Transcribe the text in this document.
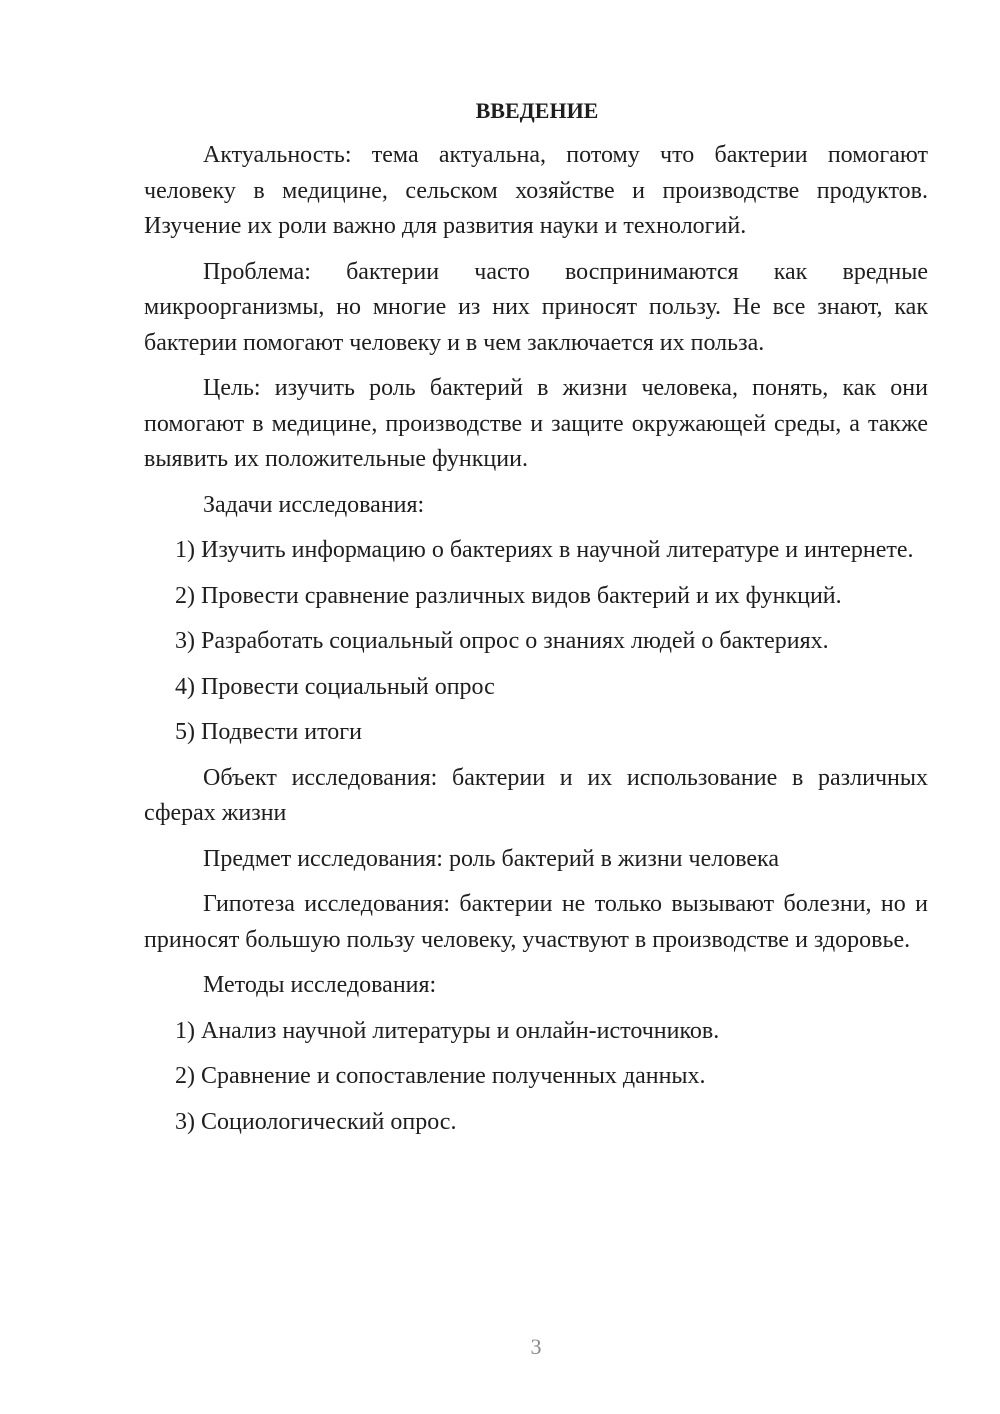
ВВЕДЕНИЕ

Актуальность: тема актуальна, потому что бактерии помогают человеку в медицине, сельском хозяйстве и производстве продуктов. Изучение их роли важно для развития науки и технологий.

Проблема: бактерии часто воспринимаются как вредные микроорганизмы, но многие из них приносят пользу. Не все знают, как бактерии помогают человеку и в чем заключается их польза.

Цель: изучить роль бактерий в жизни человека, понять, как они помогают в медицине, производстве и защите окружающей среды, а также выявить их положительные функции.

Задачи исследования:

1) Изучить информацию о бактериях в научной литературе и интернете.

2) Провести сравнение различных видов бактерий и их функций.

3) Разработать социальный опрос о знаниях людей о бактериях.

4) Провести социальный опрос

5) Подвести итоги

Объект исследования: бактерии и их использование в различных сферах жизни

Предмет исследования: роль бактерий в жизни человека

Гипотеза исследования: бактерии не только вызывают болезни, но и приносят большую пользу человеку, участвуют в производстве и здоровье.

Методы исследования:

1) Анализ научной литературы и онлайн-источников.

2) Сравнение и сопоставление полученных данных.

3) Социологический опрос.

3
